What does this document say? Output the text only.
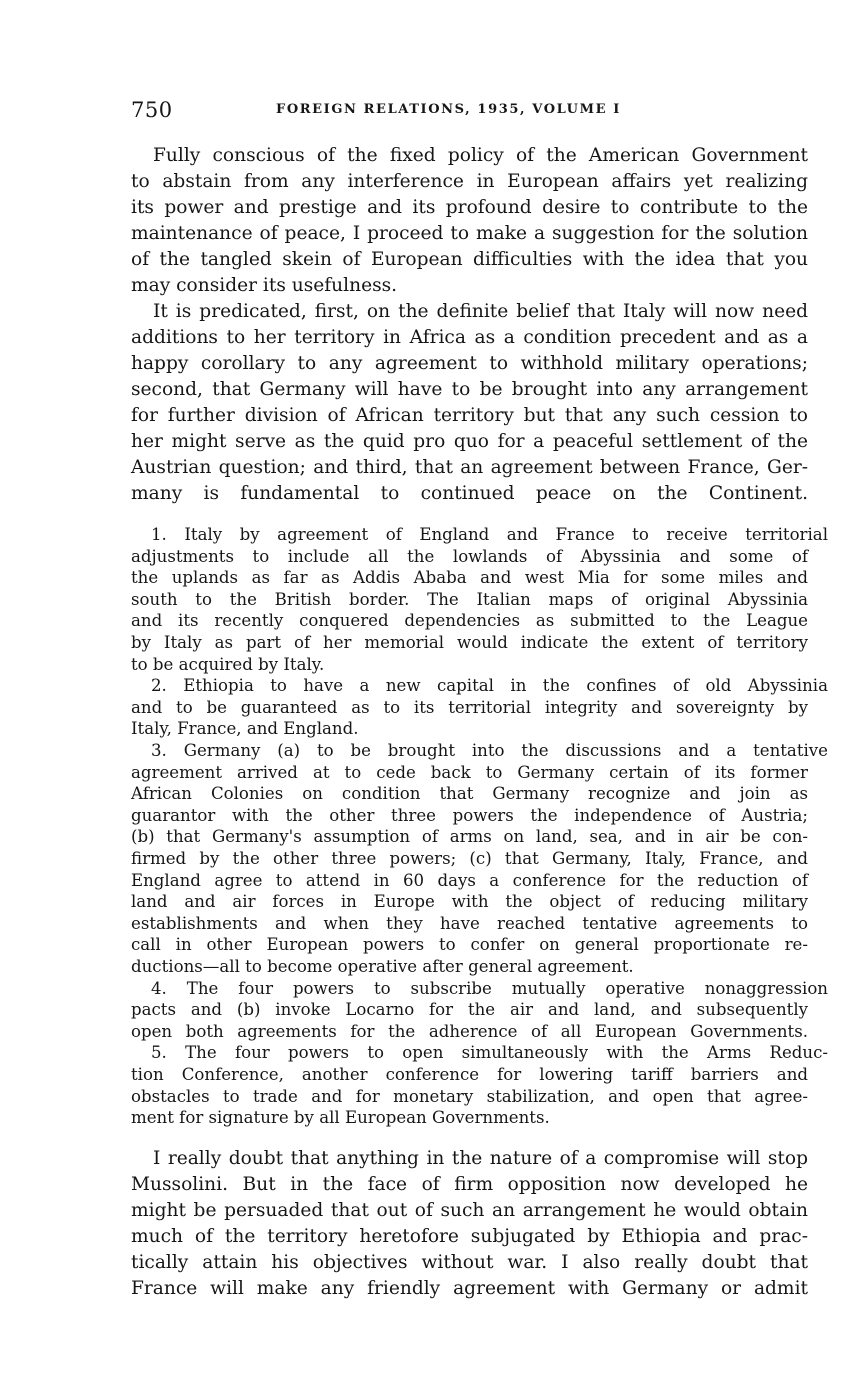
750	FOREIGN RELATIONS, 1935, VOLUME I
Fully conscious of the fixed policy of the American Government
to abstain from any interference in European affairs yet realizing
its power and prestige and its profound desire to contribute to the
maintenance of peace, I proceed to make a suggestion for the solution
of the tangled skein of European difficulties with the idea that you
may consider its usefulness.
It is predicated, first, on the definite belief that Italy will now need
additions to her territory in Africa as a condition precedent and as a
happy corollary to any agreement to withhold military operations;
second, that Germany will have to be brought into any arrangement
for further division of African territory but that any such cession to
her might serve as the quid pro quo for a peaceful settlement of the
Austrian question; and third, that an agreement between France, Ger-
many is fundamental to continued peace on the Continent.
1. Italy by agreement of England and France to receive territorial
adjustments to include all the lowlands of Abyssinia and some of
the uplands as far as Addis Ababa and west Mia for some miles and
south to the British border. The Italian maps of original Abyssinia
and its recently conquered dependencies as submitted to the League
by Italy as part of her memorial would indicate the extent of territory
to be acquired by Italy.
2. Ethiopia to have a new capital in the confines of old Abyssinia
and to be guaranteed as to its territorial integrity and sovereignty by
Italy, France, and England.
3. Germany (a) to be brought into the discussions and a tentative
agreement arrived at to cede back to Germany certain of its former
African Colonies on condition that Germany recognize and join as
guarantor with the other three powers the independence of Austria;
(b) that Germany's assumption of arms on land, sea, and in air be con-
firmed by the other three powers; (c) that Germany, Italy, France, and
England agree to attend in 60 days a conference for the reduction of
land and air forces in Europe with the object of reducing military
establishments and when they have reached tentative agreements to
call in other European powers to confer on general proportionate re-
ductions—all to become operative after general agreement.
4. The four powers to subscribe mutually operative nonaggression
pacts and (b) invoke Locarno for the air and land, and subsequently
open both agreements for the adherence of all European Governments.
5. The four powers to open simultaneously with the Arms Reduc-
tion Conference, another conference for lowering tariff barriers and
obstacles to trade and for monetary stabilization, and open that agree-
ment for signature by all European Governments.
I really doubt that anything in the nature of a compromise will stop
Mussolini. But in the face of firm opposition now developed he
might be persuaded that out of such an arrangement he would obtain
much of the territory heretofore subjugated by Ethiopia and prac-
tically attain his objectives without war. I also really doubt that
France will make any friendly agreement with Germany or admit
